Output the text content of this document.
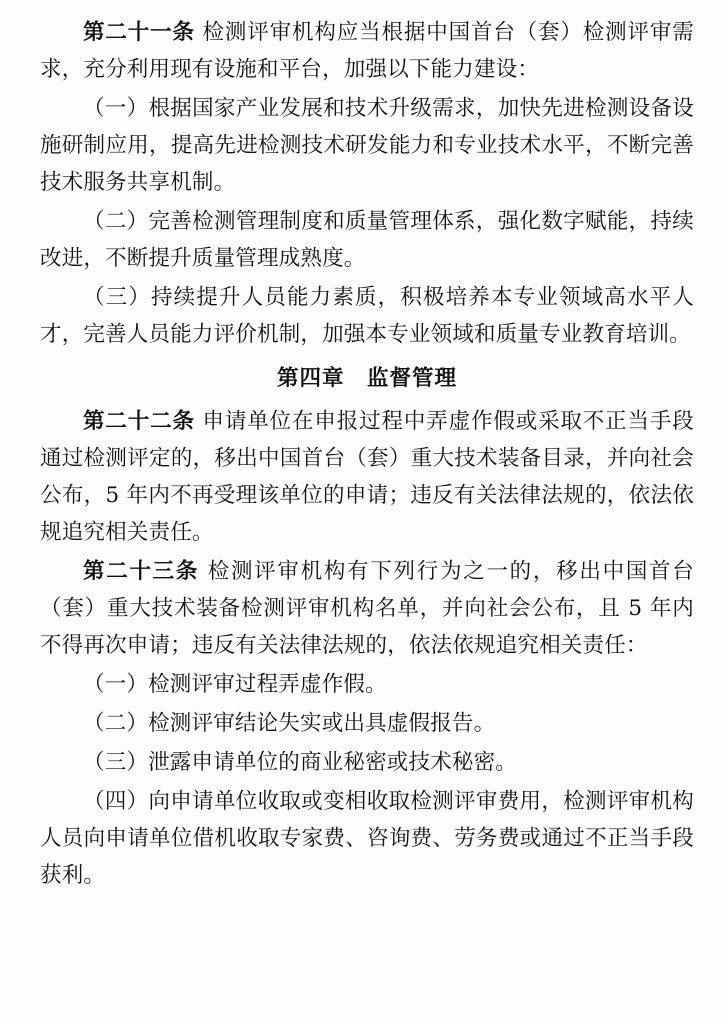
第二十一条 检测评审机构应当根据中国首台（套）检测评审需求，充分利用现有设施和平台，加强以下能力建设：

（一）根据国家产业发展和技术升级需求，加快先进检测设备设施研制应用，提高先进检测技术研发能力和专业技术水平，不断完善技术服务共享机制。

（二）完善检测管理制度和质量管理体系，强化数字赋能，持续改进，不断提升质量管理成熟度。

（三）持续提升人员能力素质，积极培养本专业领域高水平人才，完善人员能力评价机制，加强本专业领域和质量专业教育培训。

第四章　监督管理

第二十二条 申请单位在申报过程中弄虚作假或采取不正当手段通过检测评定的，移出中国首台（套）重大技术装备目录，并向社会公布，5 年内不再受理该单位的申请；违反有关法律法规的，依法依规追究相关责任。

第二十三条 检测评审机构有下列行为之一的，移出中国首台（套）重大技术装备检测评审机构名单，并向社会公布，且 5 年内不得再次申请；违反有关法律法规的，依法依规追究相关责任：

（一）检测评审过程弄虚作假。

（二）检测评审结论失实或出具虚假报告。

（三）泄露申请单位的商业秘密或技术秘密。

（四）向申请单位收取或变相收取检测评审费用，检测评审机构人员向申请单位借机收取专家费、咨询费、劳务费或通过不正当手段获利。
